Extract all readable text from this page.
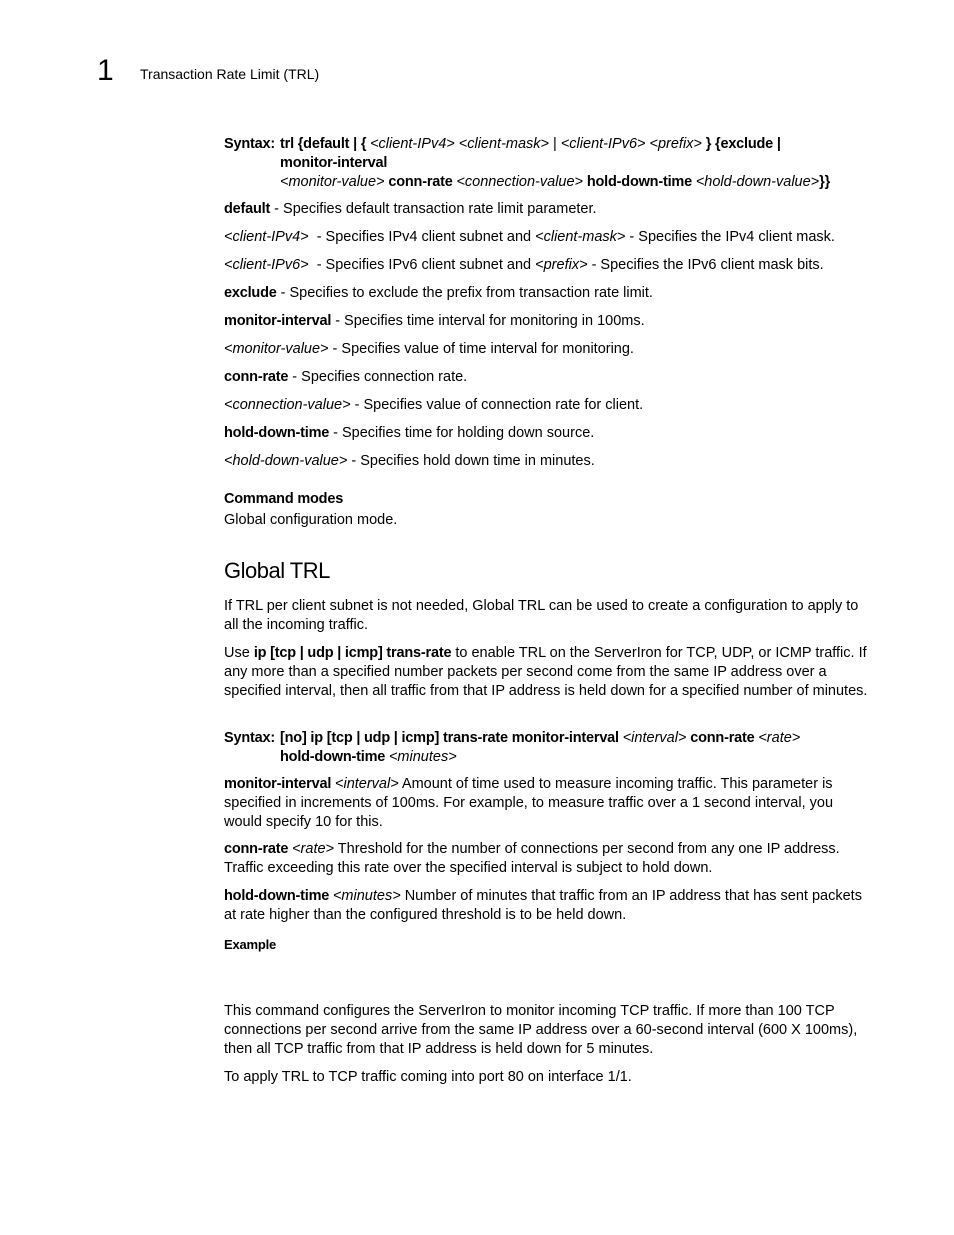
1 Transaction Rate Limit (TRL)
Syntax: trl {default | { <client-IPv4> <client-mask> | <client-IPv6> <prefix> } {exclude |
monitor-interval
<monitor-value> conn-rate <connection-value> hold-down-time <hold-down-value>}}
default - Specifies default transaction rate limit parameter.
<client-IPv4>  - Specifies IPv4 client subnet and <client-mask> - Specifies the IPv4 client mask.
<client-IPv6>  - Specifies IPv6 client subnet and <prefix> - Specifies the IPv6 client mask bits.
exclude - Specifies to exclude the prefix from transaction rate limit.
monitor-interval - Specifies time interval for monitoring in 100ms.
<monitor-value> - Specifies value of time interval for monitoring.
conn-rate - Specifies connection rate.
<connection-value> - Specifies value of connection rate for client.
hold-down-time - Specifies time for holding down source.
<hold-down-value> - Specifies hold down time in minutes.
Command modes
Global configuration mode.
Global TRL
If TRL per client subnet is not needed, Global TRL can be used to create a configuration to apply to all the incoming traffic.
Use ip [tcp | udp | icmp] trans-rate to enable TRL on the ServerIron for TCP, UDP, or ICMP traffic. If any more than a specified number packets per second come from the same IP address over a specified interval, then all traffic from that IP address is held down for a specified number of minutes.
Syntax: [no] ip [tcp | udp | icmp] trans-rate monitor-interval <interval> conn-rate <rate>
hold-down-time <minutes>
monitor-interval <interval> Amount of time used to measure incoming traffic. This parameter is specified in increments of 100ms. For example, to measure traffic over a 1 second interval, you would specify 10 for this.
conn-rate <rate> Threshold for the number of connections per second from any one IP address. Traffic exceeding this rate over the specified interval is subject to hold down.
hold-down-time <minutes> Number of minutes that traffic from an IP address that has sent packets at rate higher than the configured threshold is to be held down.
Example
This command configures the ServerIron to monitor incoming TCP traffic. If more than 100 TCP connections per second arrive from the same IP address over a 60-second interval (600 X 100ms), then all TCP traffic from that IP address is held down for 5 minutes.
To apply TRL to TCP traffic coming into port 80 on interface 1/1.
